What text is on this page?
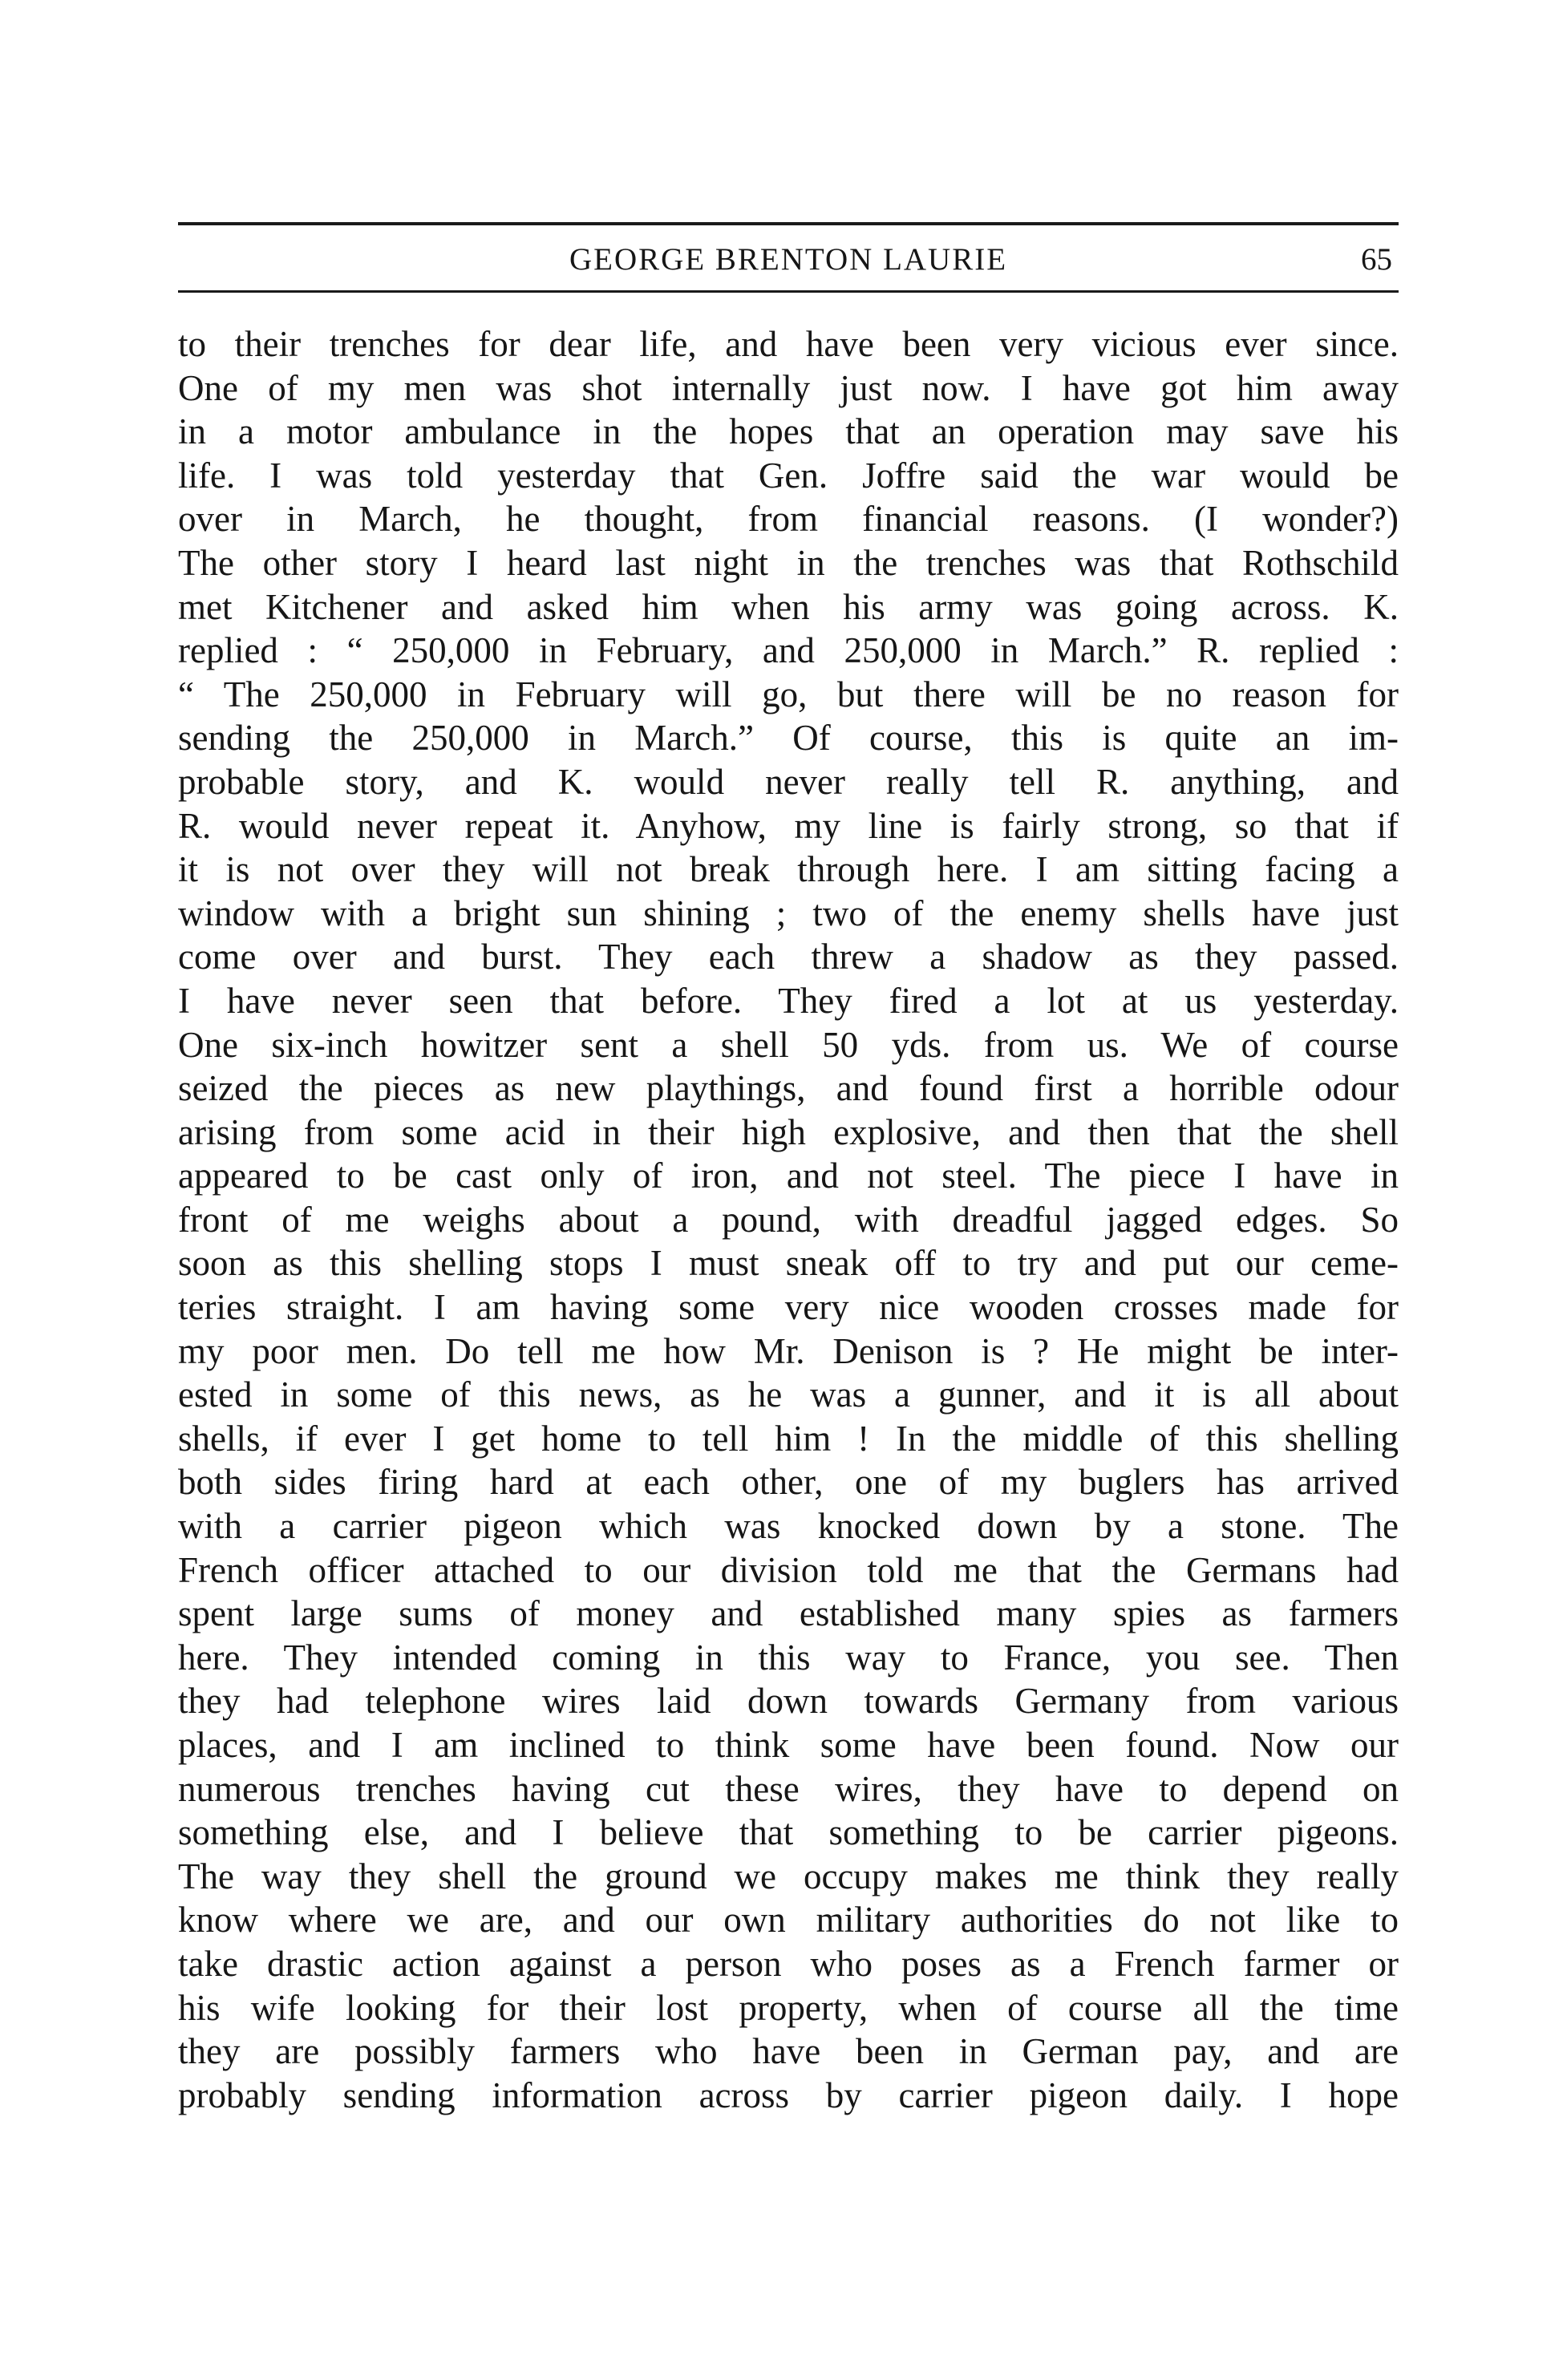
GEORGE BRENTON LAURIE	65
to their trenches for dear life, and have been very vicious ever since.
One of my men was shot internally just now. I have got him away
in a motor ambulance in the hopes that an operation may save his
life. I was told yesterday that Gen. Joffre said the war would be
over in March, he thought, from financial reasons. (I wonder?)
The other story I heard last night in the trenches was that Rothschild
met Kitchener and asked him when his army was going across. K.
replied : “ 250,000 in February, and 250,000 in March.” R. replied :
“ The 250,000 in February will go, but there will be no reason for
sending the 250,000 in March.” Of course, this is quite an im-
probable story, and K. would never really tell R. anything, and
R. would never repeat it. Anyhow, my line is fairly strong, so that if
it is not over they will not break through here. I am sitting facing a
window with a bright sun shining ; two of the enemy shells have just
come over and burst. They each threw a shadow as they passed.
I have never seen that before. They fired a lot at us yesterday.
One six-inch howitzer sent a shell 50 yds. from us. We of course
seized the pieces as new playthings, and found first a horrible odour
arising from some acid in their high explosive, and then that the shell
appeared to be cast only of iron, and not steel. The piece I have in
front of me weighs about a pound, with dreadful jagged edges. So
soon as this shelling stops I must sneak off to try and put our ceme-
teries straight. I am having some very nice wooden crosses made for
my poor men. Do tell me how Mr. Denison is ? He might be inter-
ested in some of this news, as he was a gunner, and it is all about
shells, if ever I get home to tell him ! In the middle of this shelling
both sides firing hard at each other, one of my buglers has arrived
with a carrier pigeon which was knocked down by a stone. The
French officer attached to our division told me that the Germans had
spent large sums of money and established many spies as farmers
here. They intended coming in this way to France, you see. Then
they had telephone wires laid down towards Germany from various
places, and I am inclined to think some have been found. Now our
numerous trenches having cut these wires, they have to depend on
something else, and I believe that something to be carrier pigeons.
The way they shell the ground we occupy makes me think they really
know where we are, and our own military authorities do not like to
take drastic action against a person who poses as a French farmer or
his wife looking for their lost property, when of course all the time
they are possibly farmers who have been in German pay, and are
probably sending information across by carrier pigeon daily. I hope
